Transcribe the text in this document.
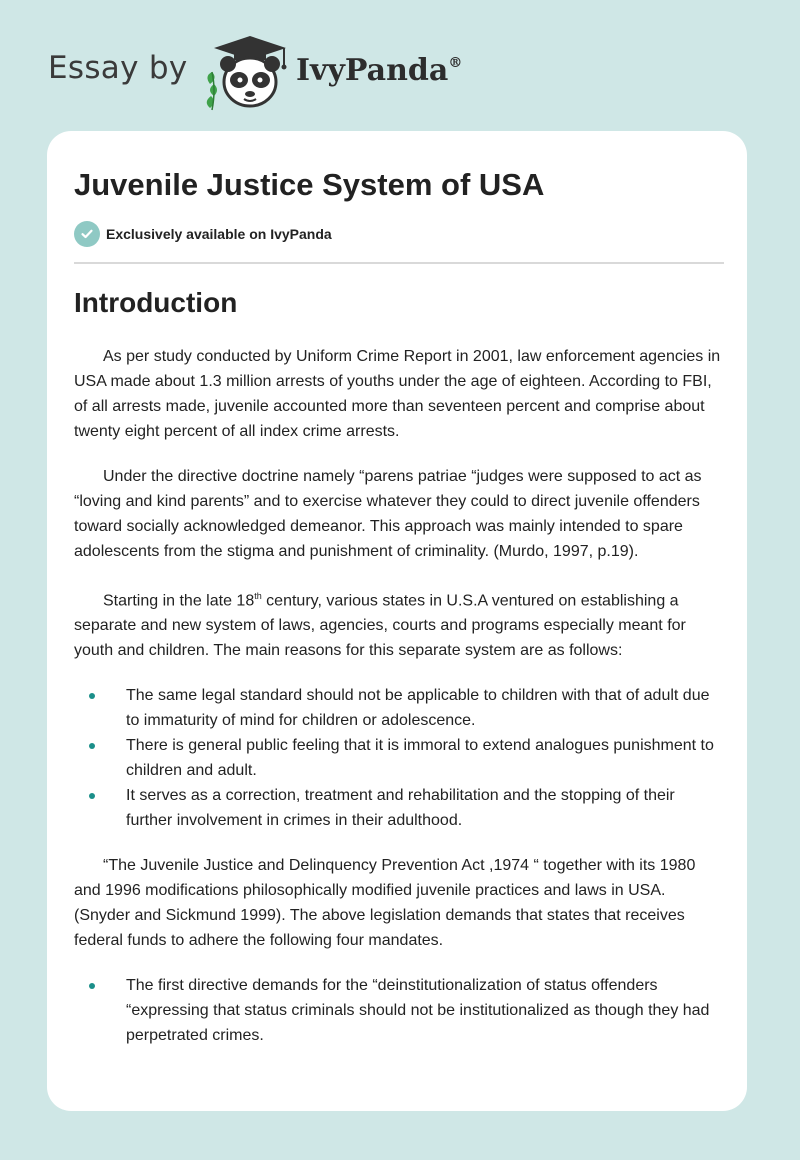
Essay by	IvyPanda®
Juvenile Justice System of USA
Exclusively available on IvyPanda
Introduction

As per study conducted by Uniform Crime Report in 2001, law enforcement agencies in USA made about 1.3 million arrests of youths under the age of eighteen. According to FBI, of all arrests made, juvenile accounted more than seventeen percent and comprise about twenty eight percent of all index crime arrests.

Under the directive doctrine namely “parens patriae “judges were supposed to act as “loving and kind parents” and to exercise whatever they could to direct juvenile offenders toward socially acknowledged demeanor. This approach was mainly intended to spare adolescents from the stigma and punishment of criminality. (Murdo, 1997, p.19).

Starting in the late 18th century, various states in U.S.A ventured on establishing a separate and new system of laws, agencies, courts and programs especially meant for youth and children. The main reasons for this separate system are as follows:

The same legal standard should not be applicable to children with that of adult due to immaturity of mind for children or adolescence.
There is general public feeling that it is immoral to extend analogues punishment to children and adult.
It serves as a correction, treatment and rehabilitation and the stopping of their further involvement in crimes in their adulthood.

“The Juvenile Justice and Delinquency Prevention Act ,1974 “ together with its 1980 and 1996 modifications philosophically modified juvenile practices and laws in USA. (Snyder and Sickmund 1999). The above legislation demands that states that receives federal funds to adhere the following four mandates.

The first directive demands for the “deinstitutionalization of status offenders “expressing that status criminals should not be institutionalized as though they had perpetrated crimes.
